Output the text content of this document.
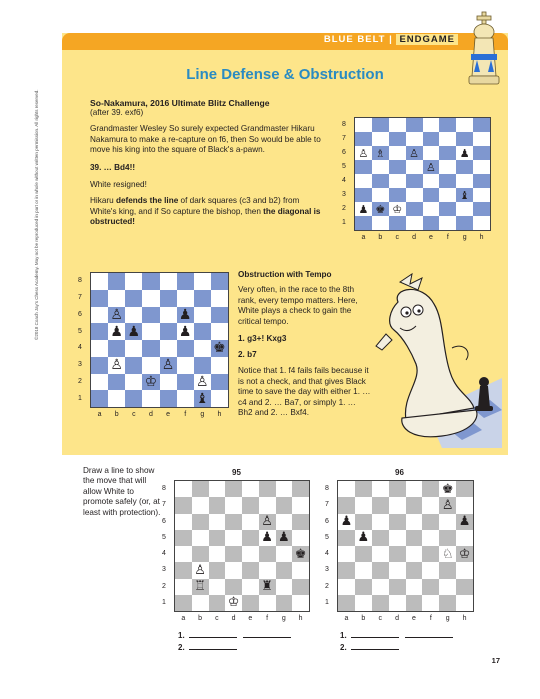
BLUE BELT | ENDGAME
Line Defense & Obstruction
©2018 Coach Jay's Chess Academy. May not be reproduced in part or in whole without written permission. All rights reserved.	So-Nakamura, 2016 Ultimate Blitz Challenge
(after 39. exf6)
Grandmaster Wesley So surely expected Grandmaster Hikaru Nakamura to make a re-capture on f6, then So would be able to move his king into the square of Black's a-pawn.
39. … Bd4!!
White resigned!
Hikaru defends the line of dark squares (c3 and b2) from White's king, and if So capture the bishop, then the diagonal is obstructed!
Obstruction with Tempo
Very often, in the race to the 8th rank, every tempo matters. Here, White plays a check to gain the critical tempo.
1. g3+! Kxg3
2. b7
Notice that 1. f4 fails fails because it is not a check, and that gives Black time to save the day with either 1. … c4 and 2. … Ba7, or simply 1. … Bh2 and 2. … Bxf4.
♙ ♗	♙	♟
♙
♝
♟ ♚ ♔
♙	♟
♟ ♟	♟
♚
♙	♙
♔	♙
♝
♙
♟ ♟
♚
♙
♖	♜
♔
♚
♙
♟	♟
♟
♘ ♔
Draw a line to show the move that will allow White to promote safely (or, at least with protection).
95	96
1.
2.
1.
2.
17
8
7
6
5
4
3
2
1
a	b	c	d	e	f	g	h
8
7
6
5
4
3
2
1
a	b	c	d	e	f	g	h
8
7
6
5
4
3
2
1
a	b	c	d	e	f	g	h
8
7
6
5
4
3
2
1
a	b	c	d	e	f	g	h
